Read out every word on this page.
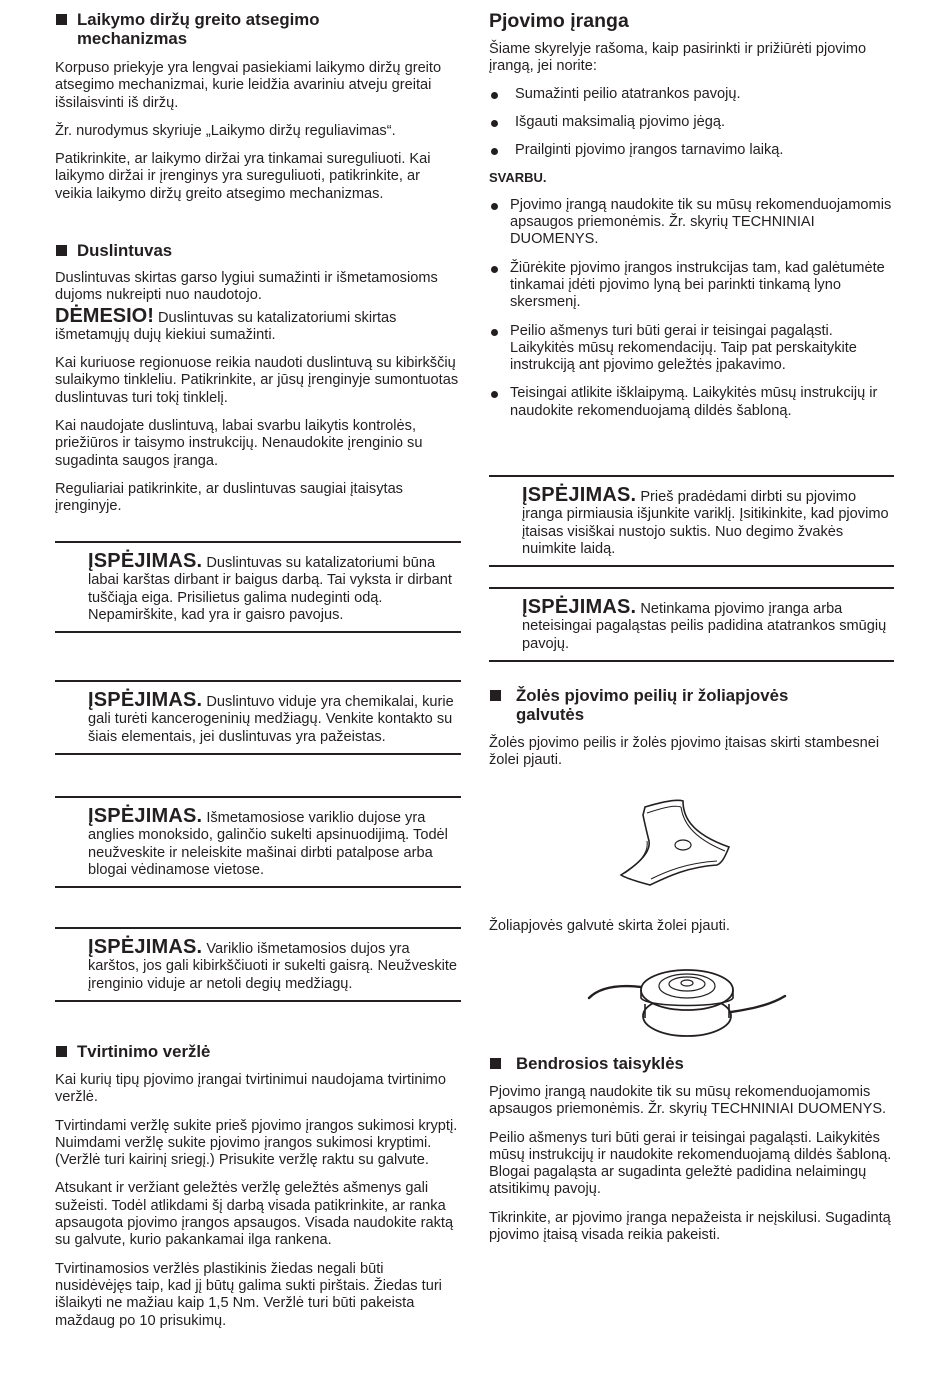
Laikymo diržų greito atsegimo
mechanizmas

Korpuso priekyje yra lengvai pasiekiami laikymo diržų greito atsegimo mechanizmai, kurie leidžia avariniu atveju greitai išsilaisvinti iš diržų.

Žr. nurodymus skyriuje „Laikymo diržų reguliavimas“.

Patikrinkite, ar laikymo diržai yra tinkamai sureguliuoti. Kai laikymo diržai ir įrenginys yra sureguliuoti, patikrinkite, ar veikia laikymo diržų greito atsegimo mechanizmas.

Duslintuvas

Duslintuvas skirtas garso lygiui sumažinti ir išmetamosioms dujoms nukreipti nuo naudotojo.

DĖMESIO! Duslintuvas su katalizatoriumi skirtas išmetamųjų dujų kiekiui sumažinti.

Kai kuriuose regionuose reikia naudoti duslintuvą su kibirkščių sulaikymo tinkleliu. Patikrinkite, ar jūsų įrenginyje sumontuotas duslintuvas turi tokį tinklelį.

Kai naudojate duslintuvą, labai svarbu laikytis kontrolės, priežiūros ir taisymo instrukcijų. Nenaudokite įrenginio su sugadinta saugos įranga.

Reguliariai patikrinkite, ar duslintuvas saugiai įtaisytas įrenginyje.

ĮSPĖJIMAS. Duslintuvas su katalizatoriumi būna labai karštas dirbant ir baigus darbą. Tai vyksta ir dirbant tuščiąja eiga. Prisilietus galima nudeginti odą. Nepamirškite, kad yra ir gaisro pavojus.

ĮSPĖJIMAS. Duslintuvo viduje yra chemikalai, kurie gali turėti kancerogeninių medžiagų. Venkite kontakto su šiais elementais, jei duslintuvas yra pažeistas.

ĮSPĖJIMAS. Išmetamosiose variklio dujose yra anglies monoksido, galinčio sukelti apsinuodijimą. Todėl neužveskite ir neleiskite mašinai dirbti patalpose arba blogai vėdinamose vietose.

ĮSPĖJIMAS. Variklio išmetamosios dujos yra karštos, jos gali kibirkščiuoti ir sukelti gaisrą. Neužveskite įrenginio viduje ar netoli degių medžiagų.

Tvirtinimo veržlė

Kai kurių tipų pjovimo įrangai tvirtinimui naudojama tvirtinimo veržlė.

Tvirtindami veržlę sukite prieš pjovimo įrangos sukimosi kryptį. Nuimdami veržlę sukite pjovimo įrangos sukimosi kryptimi. (Veržlė turi kairinį sriegį.) Prisukite veržlę raktu su galvute.

Atsukant ir veržiant geležtės veržlę geležtės ašmenys gali sužeisti. Todėl atlikdami šį darbą visada patikrinkite, ar ranka apsaugota pjovimo įrangos apsaugos. Visada naudokite raktą su galvute, kurio pakankamai ilga rankena.

Tvirtinamosios veržlės plastikinis žiedas negali būti nusidėvėjęs taip, kad jį būtų galima sukti pirštais. Žiedas turi išlaikyti ne mažiau kaip 1,5 Nm. Veržlė turi būti pakeista maždaug po 10 prisukimų.

Pjovimo įranga

Šiame skyrelyje rašoma, kaip pasirinkti ir prižiūrėti pjovimo įrangą, jei norite:

Sumažinti peilio atatrankos pavojų.
Išgauti maksimalią pjovimo jėgą.
Prailginti pjovimo įrangos tarnavimo laiką.

SVARBU.

Pjovimo įrangą naudokite tik su mūsų rekomenduojamomis apsaugos priemonėmis. Žr. skyrių TECHNINIAI DUOMENYS.
Žiūrėkite pjovimo įrangos instrukcijas tam, kad galėtumėte tinkamai įdėti pjovimo lyną bei parinkti tinkamą lyno skersmenį.
Peilio ašmenys turi būti gerai ir teisingai pagaląsti. Laikykitės mūsų rekomendacijų. Taip pat perskaitykite instrukciją ant pjovimo geležtės įpakavimo.
Teisingai atlikite išklaipymą. Laikykitės mūsų instrukcijų ir naudokite rekomenduojamą dildės šabloną.

ĮSPĖJIMAS. Prieš pradėdami dirbti su pjovimo įranga pirmiausia išjunkite variklį. Įsitikinkite, kad pjovimo įtaisas visiškai nustojo suktis. Nuo degimo žvakės nuimkite laidą.

ĮSPĖJIMAS. Netinkama pjovimo įranga arba neteisingai pagaląstas peilis padidina atatrankos smūgių pavojų.

Žolės pjovimo peilių ir žoliapjovės
galvutės

Žolės pjovimo peilis ir žolės pjovimo įtaisas skirti stambesnei žolei pjauti.

Žoliapjovės galvutė skirta žolei pjauti.

Bendrosios taisyklės

Pjovimo įrangą naudokite tik su mūsų rekomenduojamomis apsaugos priemonėmis. Žr. skyrių TECHNINIAI DUOMENYS.

Peilio ašmenys turi būti gerai ir teisingai pagaląsti. Laikykitės mūsų instrukcijų ir naudokite rekomenduojamą dildės šabloną. Blogai pagaląsta ar sugadinta geležtė padidina nelaimingų atsitikimų pavojų.

Tikrinkite, ar pjovimo įranga nepažeista ir neįskilusi. Sugadintą pjovimo įtaisą visada reikia pakeisti.
